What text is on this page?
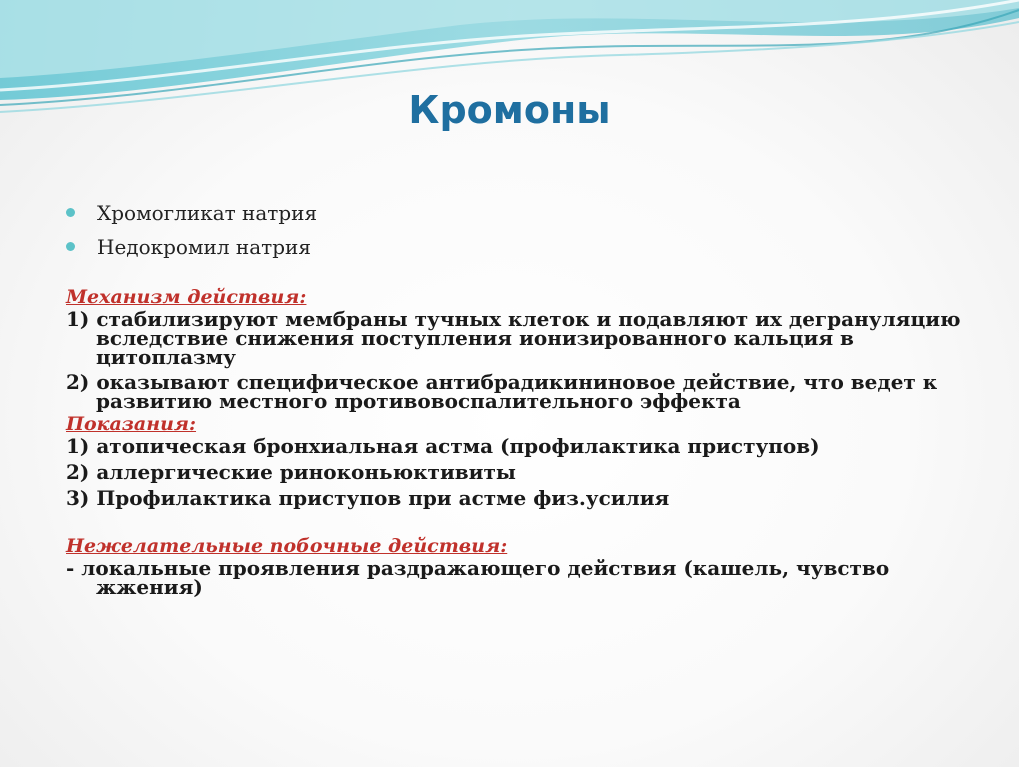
Кромоны
Хромогликат натрия
Недокромил натрия

Механизм действия:

1) стабилизируют мембраны тучных клеток и подавляют их дегрануляцию вследствие снижения поступления ионизированного кальция в цитоплазму

2) оказывают специфическое антибрадикининовое действие, что ведет к развитию местного противовоспалительного эффекта

Показания:

1) атопическая бронхиальная астма (профилактика приступов)

2) аллергические риноконьюктивиты

3) Профилактика приступов при астме физ.усилия

Нежелательные побочные действия:

- локальные проявления раздражающего действия (кашель, чувство жжения)
